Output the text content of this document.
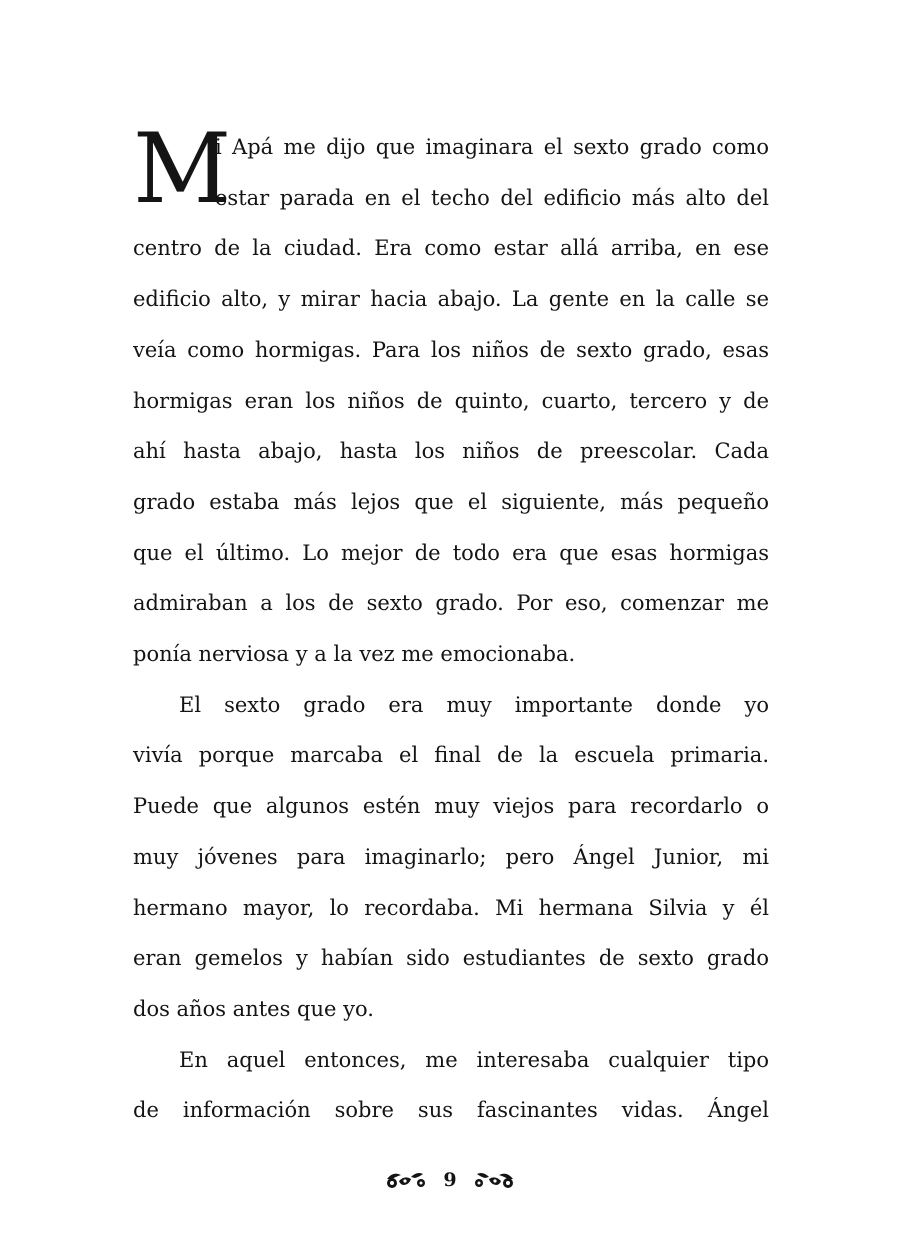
M
i Apá me dijo que imaginara el sexto grado como
estar parada en el techo del edificio más alto del
centro de la ciudad. Era como estar allá arriba, en ese
edificio alto, y mirar hacia abajo. La gente en la calle se
veía como hormigas. Para los niños de sexto grado, esas
hormigas eran los niños de quinto, cuarto, tercero y de
ahí hasta abajo, hasta los niños de preescolar. Cada
grado estaba más lejos que el siguiente, más pequeño
que el último. Lo mejor de todo era que esas hormigas
admiraban a los de sexto grado. Por eso, comenzar me
ponía nerviosa y a la vez me emocionaba.
El sexto grado era muy importante donde yo
vivía porque marcaba el final de la escuela primaria.
Puede que algunos estén muy viejos para recordarlo o
muy jóvenes para imaginarlo; pero Ángel Junior, mi
hermano mayor, lo recordaba. Mi hermana Silvia y él
eran gemelos y habían sido estudiantes de sexto grado
dos años antes que yo.
En aquel entonces, me interesaba cualquier tipo
de información sobre sus fascinantes vidas. Ángel
9
